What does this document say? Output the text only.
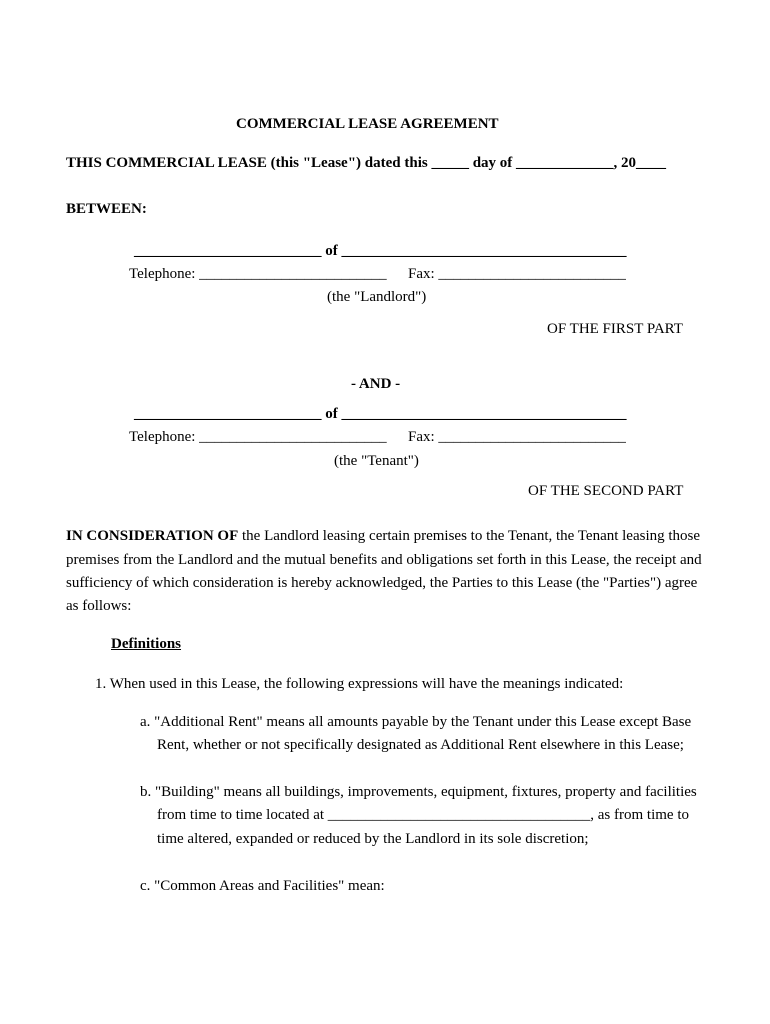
COMMERCIAL LEASE AGREEMENT
THIS COMMERCIAL LEASE (this "Lease") dated this _____ day of _____________, 20____
BETWEEN:
_________________________ of ______________________________________
Telephone: _________________________ Fax: _________________________
(the "Landlord")
OF THE FIRST PART
- AND -
_________________________ of ______________________________________
Telephone: _________________________ Fax: _________________________
(the "Tenant")
OF THE SECOND PART
IN CONSIDERATION OF the Landlord leasing certain premises to the Tenant, the Tenant leasing those
premises from the Landlord and the mutual benefits and obligations set forth in this Lease, the receipt and
sufficiency of which consideration is hereby acknowledged, the Parties to this Lease (the "Parties") agree
as follows:
Definitions
1. When used in this Lease, the following expressions will have the meanings indicated:
a. "Additional Rent" means all amounts payable by the Tenant under this Lease except Base
Rent, whether or not specifically designated as Additional Rent elsewhere in this Lease;
b. "Building" means all buildings, improvements, equipment, fixtures, property and facilities
from time to time located at ___________________________________, as from time to
time altered, expanded or reduced by the Landlord in its sole discretion;
c. "Common Areas and Facilities" mean:
